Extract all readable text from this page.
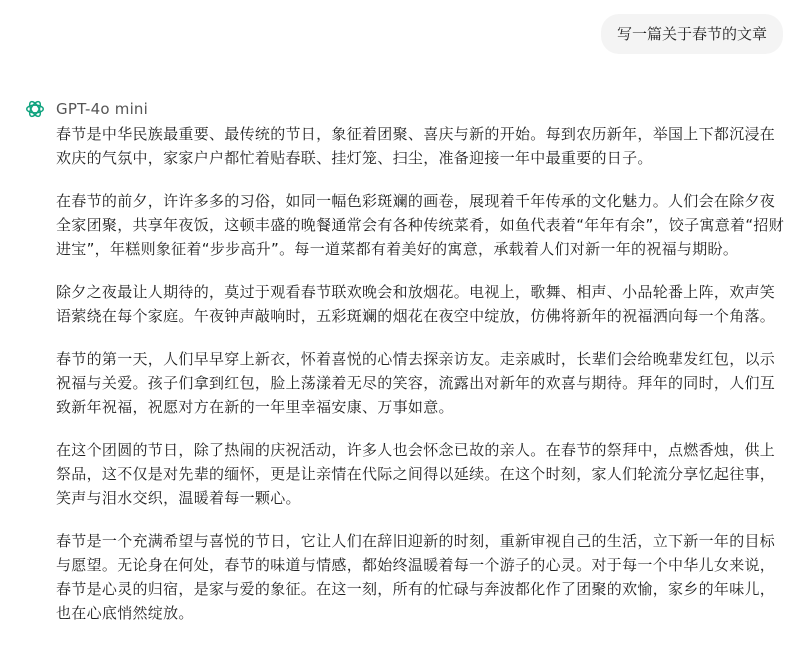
写一篇关于春节的文章
GPT-4o mini

春节是中华民族最重要、最传统的节日，象征着团聚、喜庆与新的开始。每到农历新年，举国上下都沉浸在欢庆的气氛中，家家户户都忙着贴春联、挂灯笼、扫尘，准备迎接一年中最重要的日子。

在春节的前夕，许许多多的习俗，如同一幅色彩斑斓的画卷，展现着千年传承的文化魅力。人们会在除夕夜全家团聚，共享年夜饭，这顿丰盛的晚餐通常会有各种传统菜肴，如鱼代表着“年年有余”，饺子寓意着“招财进宝”，年糕则象征着“步步高升”。每一道菜都有着美好的寓意，承载着人们对新一年的祝福与期盼。

除夕之夜最让人期待的，莫过于观看春节联欢晚会和放烟花。电视上，歌舞、相声、小品轮番上阵，欢声笑语萦绕在每个家庭。午夜钟声敲响时，五彩斑斓的烟花在夜空中绽放，仿佛将新年的祝福洒向每一个角落。

春节的第一天，人们早早穿上新衣，怀着喜悦的心情去探亲访友。走亲戚时，长辈们会给晚辈发红包，以示祝福与关爱。孩子们拿到红包，脸上荡漾着无尽的笑容，流露出对新年的欢喜与期待。拜年的同时，人们互致新年祝福，祝愿对方在新的一年里幸福安康、万事如意。

在这个团圆的节日，除了热闹的庆祝活动，许多人也会怀念已故的亲人。在春节的祭拜中，点燃香烛，供上祭品，这不仅是对先辈的缅怀，更是让亲情在代际之间得以延续。在这个时刻，家人们轮流分享忆起往事，笑声与泪水交织，温暖着每一颗心。

春节是一个充满希望与喜悦的节日，它让人们在辞旧迎新的时刻，重新审视自己的生活，立下新一年的目标与愿望。无论身在何处，春节的味道与情感，都始终温暖着每一个游子的心灵。对于每一个中华儿女来说，春节是心灵的归宿，是家与爱的象征。在这一刻，所有的忙碌与奔波都化作了团聚的欢愉，家乡的年味儿，也在心底悄然绽放。
